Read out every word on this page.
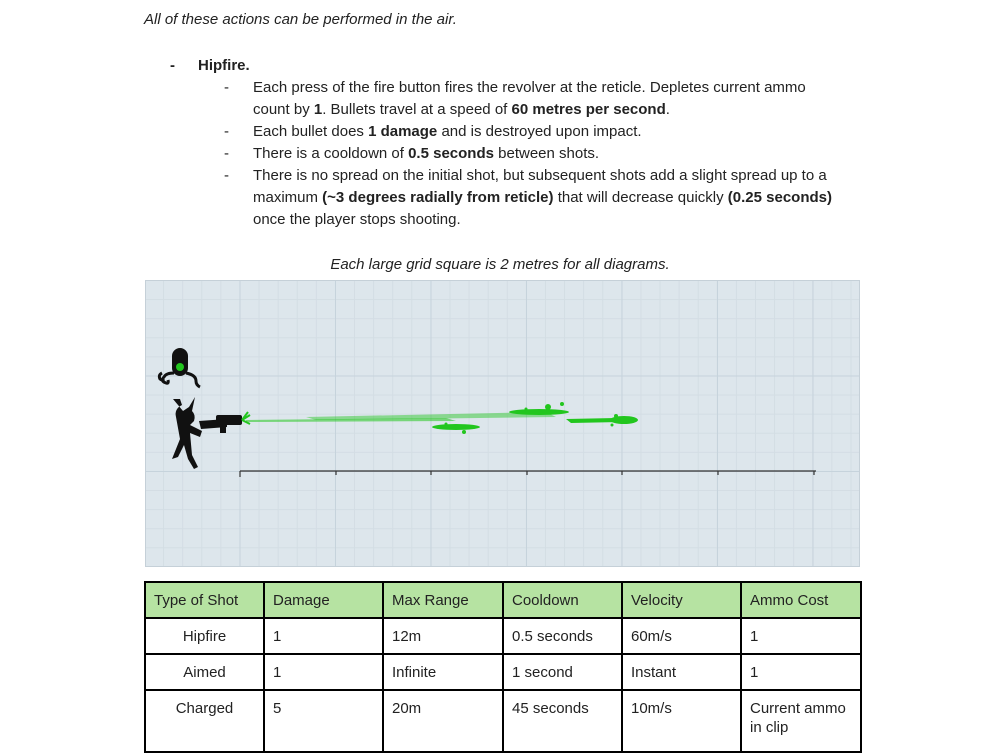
All of these actions can be performed in the air.
- Hipfire.
- Each press of the fire button fires the revolver at the reticle. Depletes current ammo count by 1. Bullets travel at a speed of 60 metres per second.
- Each bullet does 1 damage and is destroyed upon impact.
- There is a cooldown of 0.5 seconds between shots.
- There is no spread on the initial shot, but subsequent shots add a slight spread up to a maximum (~3 degrees radially from reticle) that will decrease quickly (0.25 seconds) once the player stops shooting.
Each large grid square is 2 metres for all diagrams.
Type of Shot	Damage	Max Range	Cooldown	Velocity	Ammo Cost
Hipfire	1	12m	0.5 seconds	60m/s	1
Aimed	1	Infinite	1 second	Instant	1
Charged	5	20m	45 seconds	10m/s	Current ammo in clip
